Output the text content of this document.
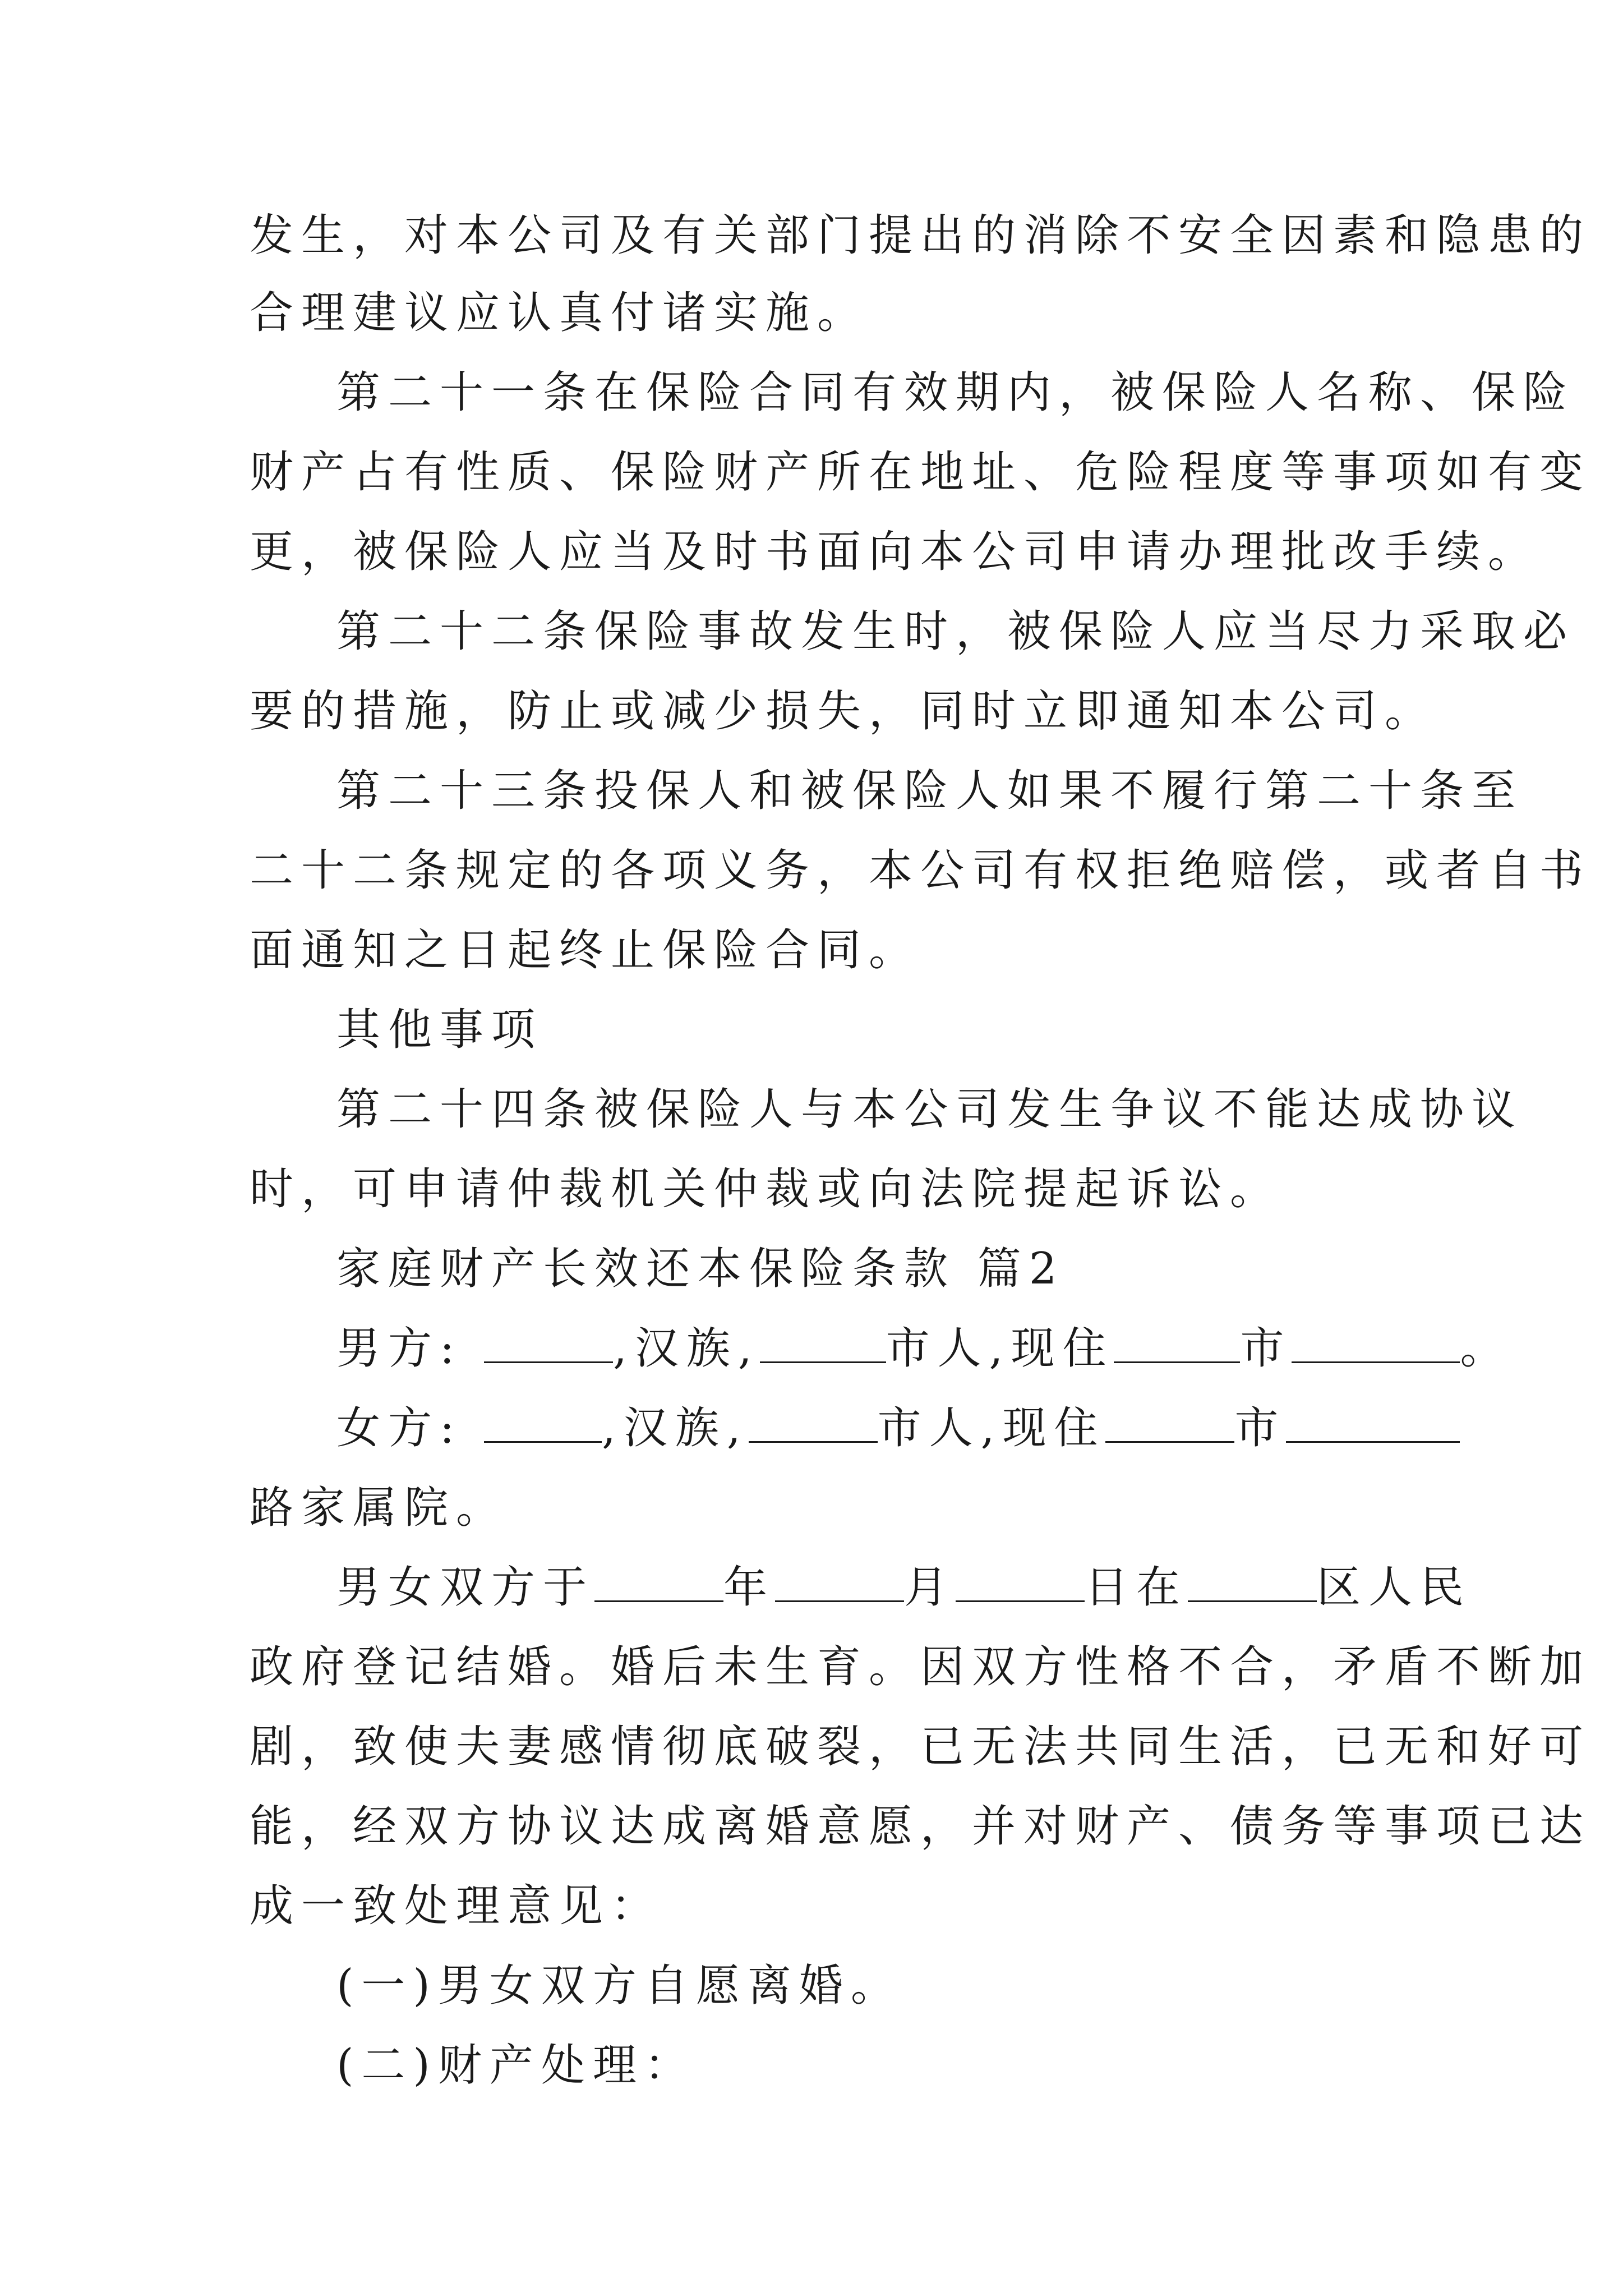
发生，对本公司及有关部门提出的消除不安全因素和隐患的
合理建议应认真付诸实施。
第二十一条在保险合同有效期内，被保险人名称、保险
财产占有性质、保险财产所在地址、危险程度等事项如有变
更，被保险人应当及时书面向本公司申请办理批改手续。
第二十二条保险事故发生时，被保险人应当尽力采取必
要的措施，防止或减少损失，同时立即通知本公司。
第二十三条投保人和被保险人如果不履行第二十条至
二十二条规定的各项义务，本公司有权拒绝赔偿，或者自书
面通知之日起终止保险合同。
其他事项
第二十四条被保险人与本公司发生争议不能达成协议
时，可申请仲裁机关仲裁或向法院提起诉讼。
家庭财产长效还本保险条款 篇2
男方:	,汉族,	市人,现住	市	。
女方:	,汉族,	市人,现住	市
路家属院。
男女双方于	年	月	日在	区人民
政府登记结婚。婚后未生育。因双方性格不合，矛盾不断加
剧，致使夫妻感情彻底破裂，已无法共同生活，已无和好可
能，经双方协议达成离婚意愿，并对财产、债务等事项已达
成一致处理意见：
(一)男女双方自愿离婚。
(二)财产处理：
